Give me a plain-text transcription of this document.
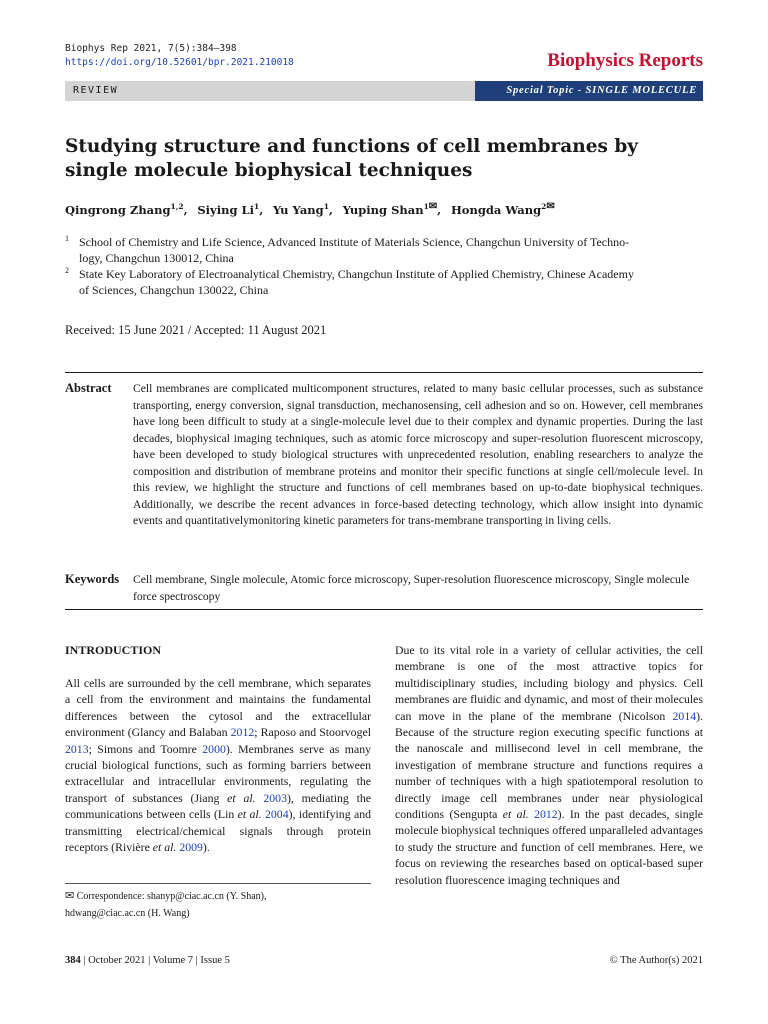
Biophys Rep 2021, 7(5):384–398
https://doi.org/10.52601/bpr.2021.210018	Biophysics Reports
REVIEW	Special Topic - SINGLE MOLECULE
Studying structure and functions of cell membranes by single molecule biophysical techniques
Qingrong Zhang$^{1,2}$,  Siying Li$^1$,  Yu Yang$^1$,  Yuping Shan$^1$✉,  Hongda Wang$^2$✉
1 School of Chemistry and Life Science, Advanced Institute of Materials Science, Changchun University of Techno-
logy, Changchun 130012, China
2 State Key Laboratory of Electroanalytical Chemistry, Changchun Institute of Applied Chemistry, Chinese Academy
of Sciences, Changchun 130022, China
Received: 15 June 2021 / Accepted: 11 August 2021
Abstract Cell membranes are complicated multicomponent structures, related to many basic cellular processes, such as substance transporting, energy conversion, signal transduction, mechanosensing, cell adhesion and so on. However, cell membranes have long been difficult to study at a single-molecule level due to their complex and dynamic properties. During the last decades, biophysical imaging techniques, such as atomic force microscopy and super-resolution fluorescent microscopy, have been developed to study biological structures with unprecedented resolution, enabling researchers to analyze the composition and distribution of membrane proteins and monitor their specific functions at single cell/molecule level. In this review, we highlight the structure and functions of cell membranes based on up-to-date biophysical techniques. Additionally, we describe the recent advances in force-based detecting technology, which allow insight into dynamic events and quantitativelymonitoring kinetic parameters for trans-membrane transporting in living cells.
Keywords Cell membrane, Single molecule, Atomic force microscopy, Super-resolution fluorescence microscopy, Single molecule force spectroscopy
INTRODUCTION
All cells are surrounded by the cell membrane, which separates a cell from the environment and maintains the fundamental differences between the cytosol and the extracellular environment (Glancy and Balaban 2012; Raposo and Stoorvogel 2013; Simons and Toomre 2000). Membranes serve as many crucial biological functions, such as forming barriers between extracellular and intracellular environments, regulating the transport of substances (Jiang et al. 2003), mediating the communications between cells (Lin et al. 2004), identifying and transmitting electrical/chemical signals through protein receptors (Rivière et al. 2009).
Due to its vital role in a variety of cellular activities, the cell membrane is one of the most attractive topics for multidisciplinary studies, including biology and physics. Cell membranes are fluidic and dynamic, and most of their molecules can move in the plane of the membrane (Nicolson 2014). Because of the structure region executing specific functions at the nanoscale and millisecond level in cell membrane, the investigation of membrane structure and functions requires a number of techniques with a high spatiotemporal resolution to directly image cell membranes under near physiological conditions (Sengupta et al. 2012). In the past decades, single molecule biophysical techniques offered unparalleled advantages to study the structure and function of cell membranes. Here, we focus on reviewing the researches based on optical-based super resolution fluorescence imaging techniques and
✉ Correspondence: shanyp@ciac.ac.cn (Y. Shan),
hdwang@ciac.ac.cn (H. Wang)
384 | October 2021 | Volume 7 | Issue 5	© The Author(s) 2021
